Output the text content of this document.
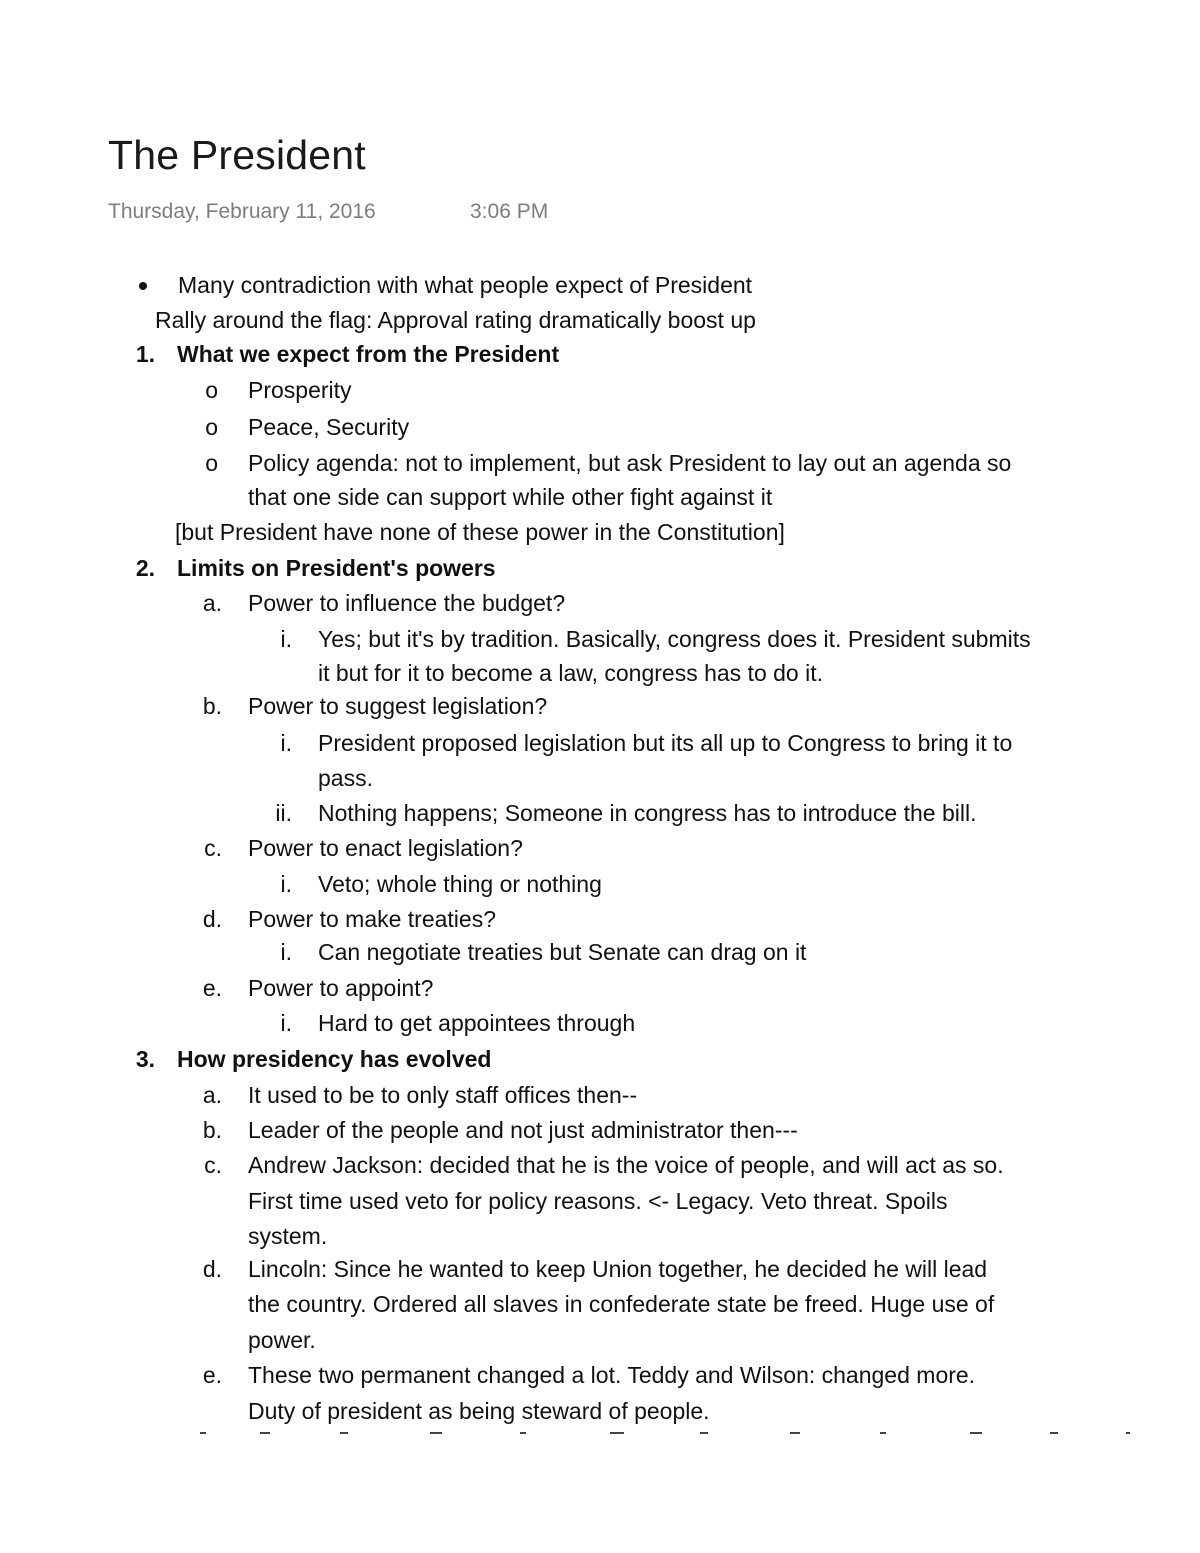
The President
Thursday, February 11, 2016	3:06 PM
Many contradiction with what people expect of President
Rally around the flag: Approval rating dramatically boost up
1. What we expect from the President
o Prosperity
o Peace, Security
o Policy agenda: not to implement, but ask President to lay out an agenda so
that one side can support while other fight against it
[but President have none of these power in the Constitution]
2. Limits on President's powers
a. Power to influence the budget?
i. Yes; but it's by tradition. Basically, congress does it. President submits
it but for it to become a law, congress has to do it.
b. Power to suggest legislation?
i. President proposed legislation but its all up to Congress to bring it to
pass.
ii. Nothing happens; Someone in congress has to introduce the bill.
c. Power to enact legislation?
i. Veto; whole thing or nothing
d. Power to make treaties?
i. Can negotiate treaties but Senate can drag on it
e. Power to appoint?
i. Hard to get appointees through
3. How presidency has evolved
a. It used to be to only staff offices then--
b. Leader of the people and not just administrator then---
c. Andrew Jackson: decided that he is the voice of people, and will act as so.
First time used veto for policy reasons. <- Legacy. Veto threat. Spoils
system.
d. Lincoln: Since he wanted to keep Union together, he decided he will lead
the country. Ordered all slaves in confederate state be freed. Huge use of
power.
e. These two permanent changed a lot. Teddy and Wilson: changed more.
Duty of president as being steward of people.
